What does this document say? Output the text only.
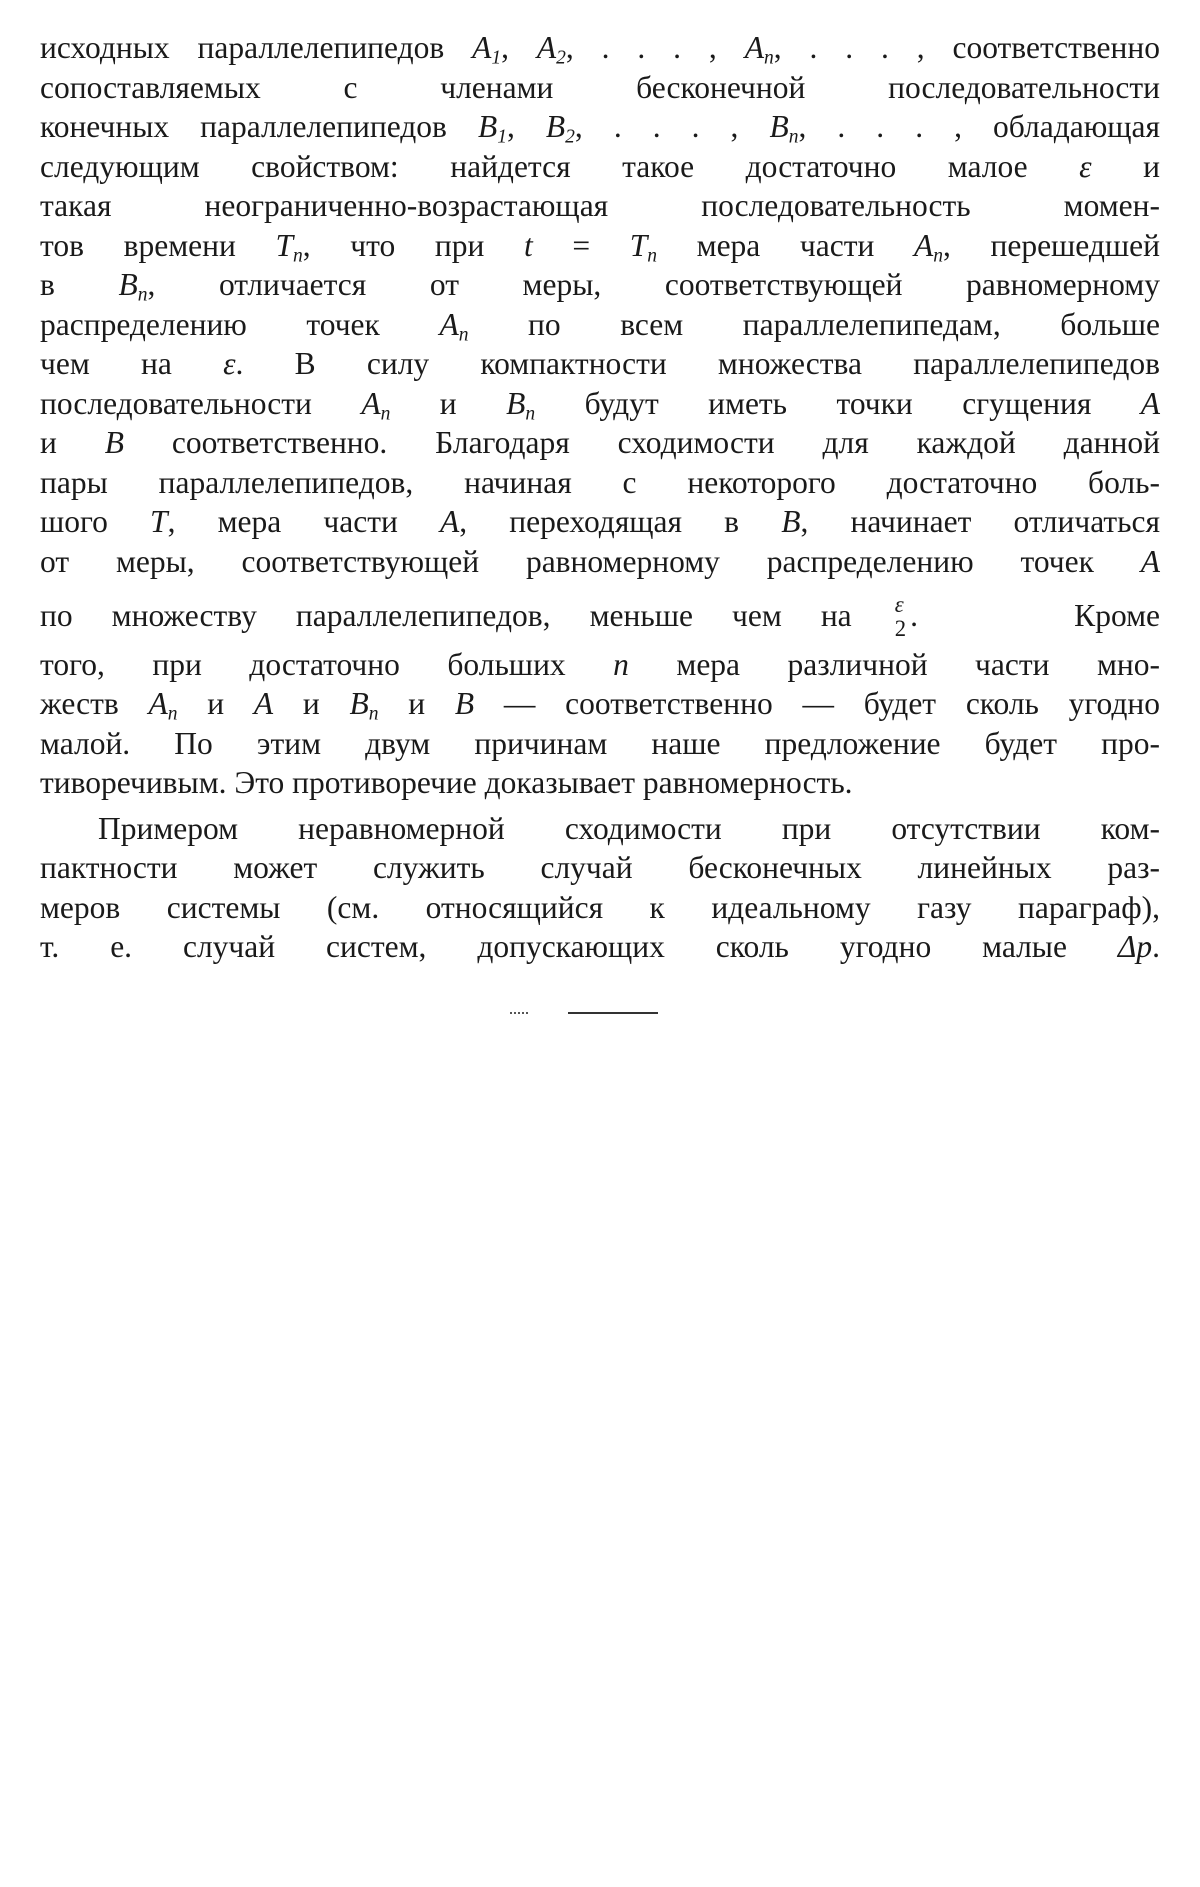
исходных параллелепипедов $A_1$, $A_2$, . . . , $A_n$, . . . , соответственно
сопоставляемых с членами бесконечной последовательности
конечных параллелепипедов $B_1$, $B_2$, . . . , $B_n$, . . . , обладающая
следующим свойством: найдется такое достаточно малое ε и
такая неограниченно-возрастающая последовательность момен-
тов времени $T_n$, что при $t = T_n$ мера части $A_n$, перешедшей
в $B_n$, отличается от меры, соответствующей равномерному
распределению точек $A_n$ по всем параллелепипедам, больше
чем на ε. В силу компактности множества параллелепипедов
последовательности $A_n$ и $B_n$ будут иметь точки сгущения A
и B соответственно. Благодаря сходимости для каждой данной
пары параллелепипедов, начиная с некоторого достаточно боль-
шого T, мера части A, переходящая в B, начинает отличаться
от меры, соответствующей равномерному распределению точек A
по множеству параллелепипедов, меньше чем на ε
2 .    Кроме
того, при достаточно больших n мера различной части мно-
жеств $A_n$ и A и $B_n$ и B — соответственно — будет сколь угодно
малой. По этим двум причинам наше предложение будет про-
тиворечивым. Это противоречие доказывает равномерность.

Примером неравномерной сходимости при отсутствии ком-
пактности может служить случай бесконечных линейных раз-
меров системы (см. относящийся к идеальному газу параграф),
т. е. случай систем, допускающих сколь угодно малые Δp.
